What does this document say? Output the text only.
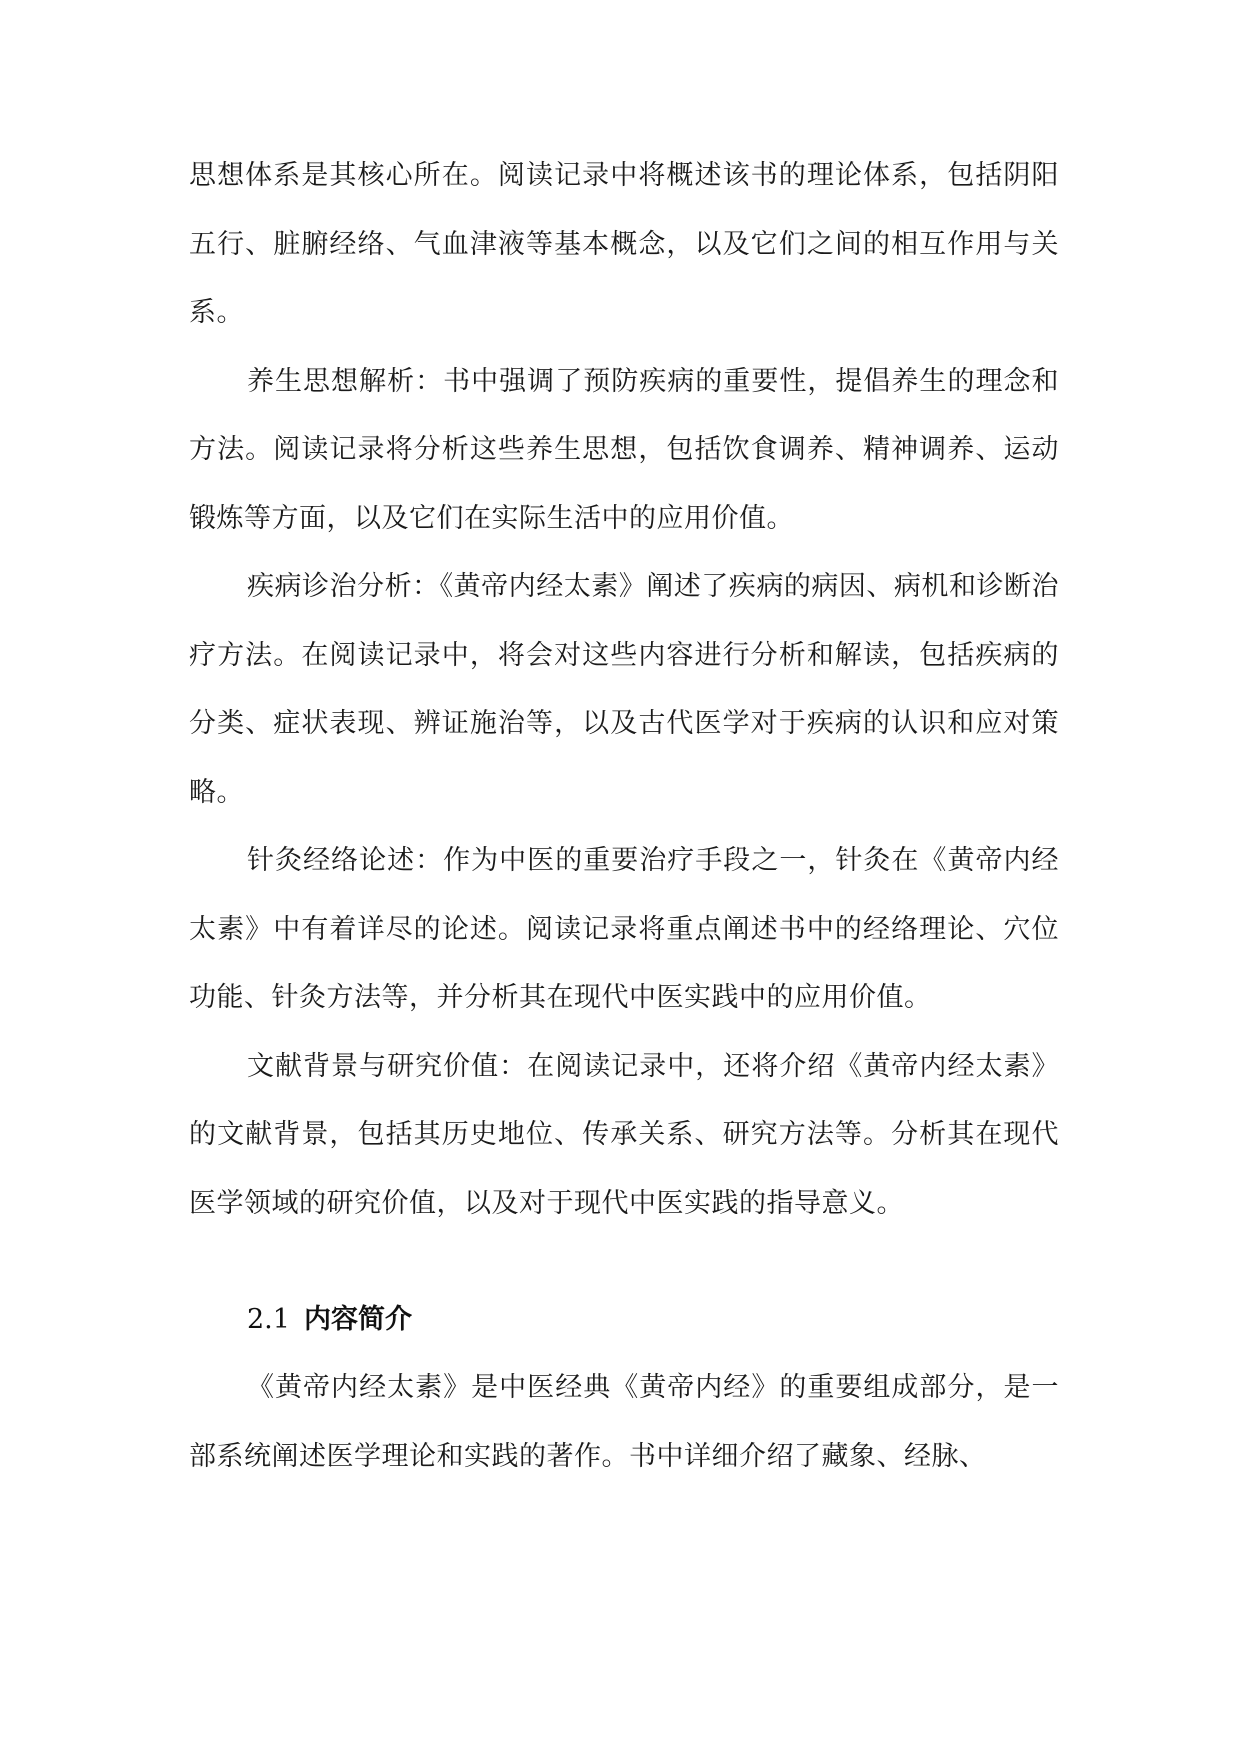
思想体系是其核心所在。阅读记录中将概述该书的理论体系，包括阴阳五行、脏腑经络、气血津液等基本概念，以及它们之间的相互作用与关系。

养生思想解析：书中强调了预防疾病的重要性，提倡养生的理念和方法。阅读记录将分析这些养生思想，包括饮食调养、精神调养、运动锻炼等方面，以及它们在实际生活中的应用价值。

疾病诊治分析：《黄帝内经太素》阐述了疾病的病因、病机和诊断治疗方法。在阅读记录中，将会对这些内容进行分析和解读，包括疾病的分类、症状表现、辨证施治等，以及古代医学对于疾病的认识和应对策略。

针灸经络论述：作为中医的重要治疗手段之一，针灸在《黄帝内经太素》中有着详尽的论述。阅读记录将重点阐述书中的经络理论、穴位功能、针灸方法等，并分析其在现代中医实践中的应用价值。

文献背景与研究价值：在阅读记录中，还将介绍《黄帝内经太素》的文献背景，包括其历史地位、传承关系、研究方法等。分析其在现代医学领域的研究价值，以及对于现代中医实践的指导意义。

2.1 内容简介

《黄帝内经太素》是中医经典《黄帝内经》的重要组成部分，是一部系统阐述医学理论和实践的著作。书中详细介绍了藏象、经脉、
